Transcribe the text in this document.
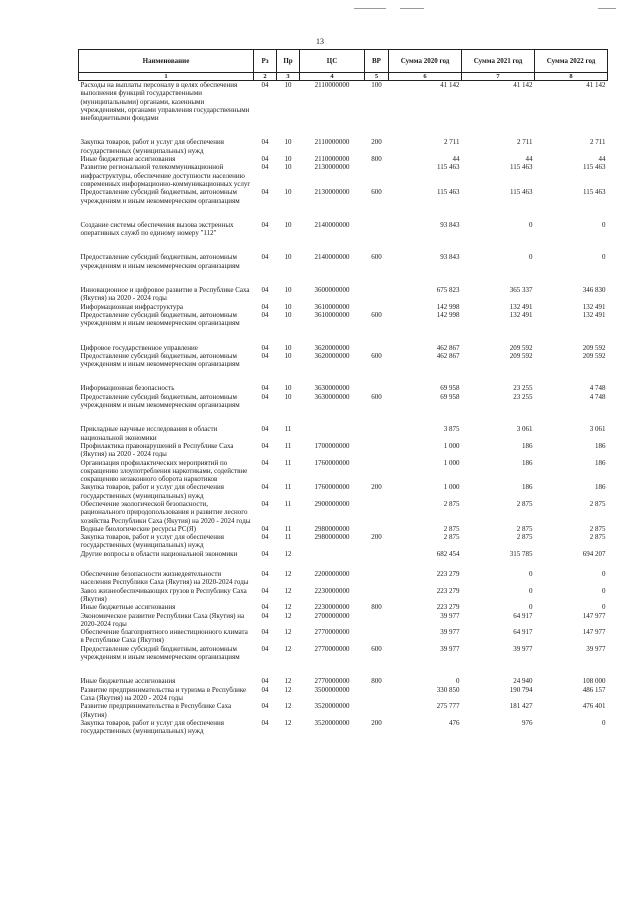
13
Наименование	Рз	Пр	ЦС	ВР	Сумма 2020 год	Сумма 2021 год	Сумма 2022 год
1	2	3	4	5	6	7	8
Расходы на выплаты персоналу в целях обеспечения выполнения функций государственными (муниципальными) органами, казенными учреждениями, органами управления государственными внебюджетными фондами	04	10	2110000000	100	41 142	41 142	41 142
Закупка товаров, работ и услуг для обеспечения государственных (муниципальных) нужд	04	10	2110000000	200	2 711	2 711	2 711
Иные бюджетные ассигнования	04	10	2110000000	800	44	44	44
Развитие региональной телекоммуникационной инфраструктуры, обеспечение доступности населению современных информационно-коммуникационных услуг	04	10	2130000000		115 463	115 463	115 463
Предоставление субсидий бюджетным, автономным учреждениям и иным некоммерческим организациям	04	10	2130000000	600	115 463	115 463	115 463
Создание системы обеспечения вызова экстренных оперативных служб по единому номеру "112"	04	10	2140000000		93 843	0	0
Предоставление субсидий бюджетным, автономным учреждениям и иным некоммерческим организациям	04	10	2140000000	600	93 843	0	0
Инновационное и цифровое развитие в Республике Саха (Якутия) на 2020 - 2024 годы	04	10	3600000000		675 823	365 337	346 830
Информационная инфраструктура	04	10	3610000000		142 998	132 491	132 491
Предоставление субсидий бюджетным, автономным учреждениям и иным некоммерческим организациям	04	10	3610000000	600	142 998	132 491	132 491
Цифровое государственное управление	04	10	3620000000		462 867	209 592	209 592
Предоставление субсидий бюджетным, автономным учреждениям и иным некоммерческим организациям	04	10	3620000000	600	462 867	209 592	209 592
Информационная безопасность	04	10	3630000000		69 958	23 255	4 748
Предоставление субсидий бюджетным, автономным учреждениям и иным некоммерческим организациям	04	10	3630000000	600	69 958	23 255	4 748
Прикладные научные исследования в области национальной экономики	04	11			3 875	3 061	3 061
Профилактика правонарушений в Республике Саха (Якутия) на 2020 - 2024 годы	04	11	1700000000		1 000	186	186
Организация профилактических мероприятий по сокращению злоупотребления наркотиками, содействие сокращению незаконного оборота наркотиков	04	11	1760000000		1 000	186	186
Закупка товаров, работ и услуг для обеспечения государственных (муниципальных) нужд	04	11	1760000000	200	1 000	186	186
Обеспечение экологической безопасности, рационального природопользования и развитие лесного хозяйства Республики Саха (Якутия) на 2020 - 2024 годы	04	11	2900000000		2 875	2 875	2 875
Водные биологические ресурсы РС(Я)	04	11	2980000000		2 875	2 875	2 875
Закупка товаров, работ и услуг для обеспечения государственных (муниципальных) нужд	04	11	2980000000	200	2 875	2 875	2 875
Другие вопросы в области национальной экономики	04	12			682 454	315 785	694 207
Обеспечение безопасности жизнедеятельности населения Республики Саха (Якутия) на 2020-2024 годы	04	12	2200000000		223 279	0	0
Завоз жизнеобеспечивающих грузов в Республику Саха (Якутия)	04	12	2230000000		223 279	0	0
Иные бюджетные ассигнования	04	12	2230000000	800	223 279	0	0
Экономическое развитие Республики Саха (Якутия) на 2020-2024 годы	04	12	2700000000		39 977	64 917	147 977
Обеспечение благоприятного инвестиционного климата в Республике Саха (Якутия)	04	12	2770000000		39 977	64 917	147 977
Предоставление субсидий бюджетным, автономным учреждениям и иным некоммерческим организациям	04	12	2770000000	600	39 977	39 977	39 977
Иные бюджетные ассигнования	04	12	2770000000	800	0	24 940	108 000
Развитие предпринимательства и туризма в Республике Саха (Якутия) на 2020 - 2024 годы	04	12	3500000000		330 850	190 794	486 157
Развитие предпринимательства в Республике Саха (Якутия)	04	12	3520000000		275 777	181 427	476 401
Закупка товаров, работ и услуг для обеспечения государственных (муниципальных) нужд	04	12	3520000000	200	476	976	0
